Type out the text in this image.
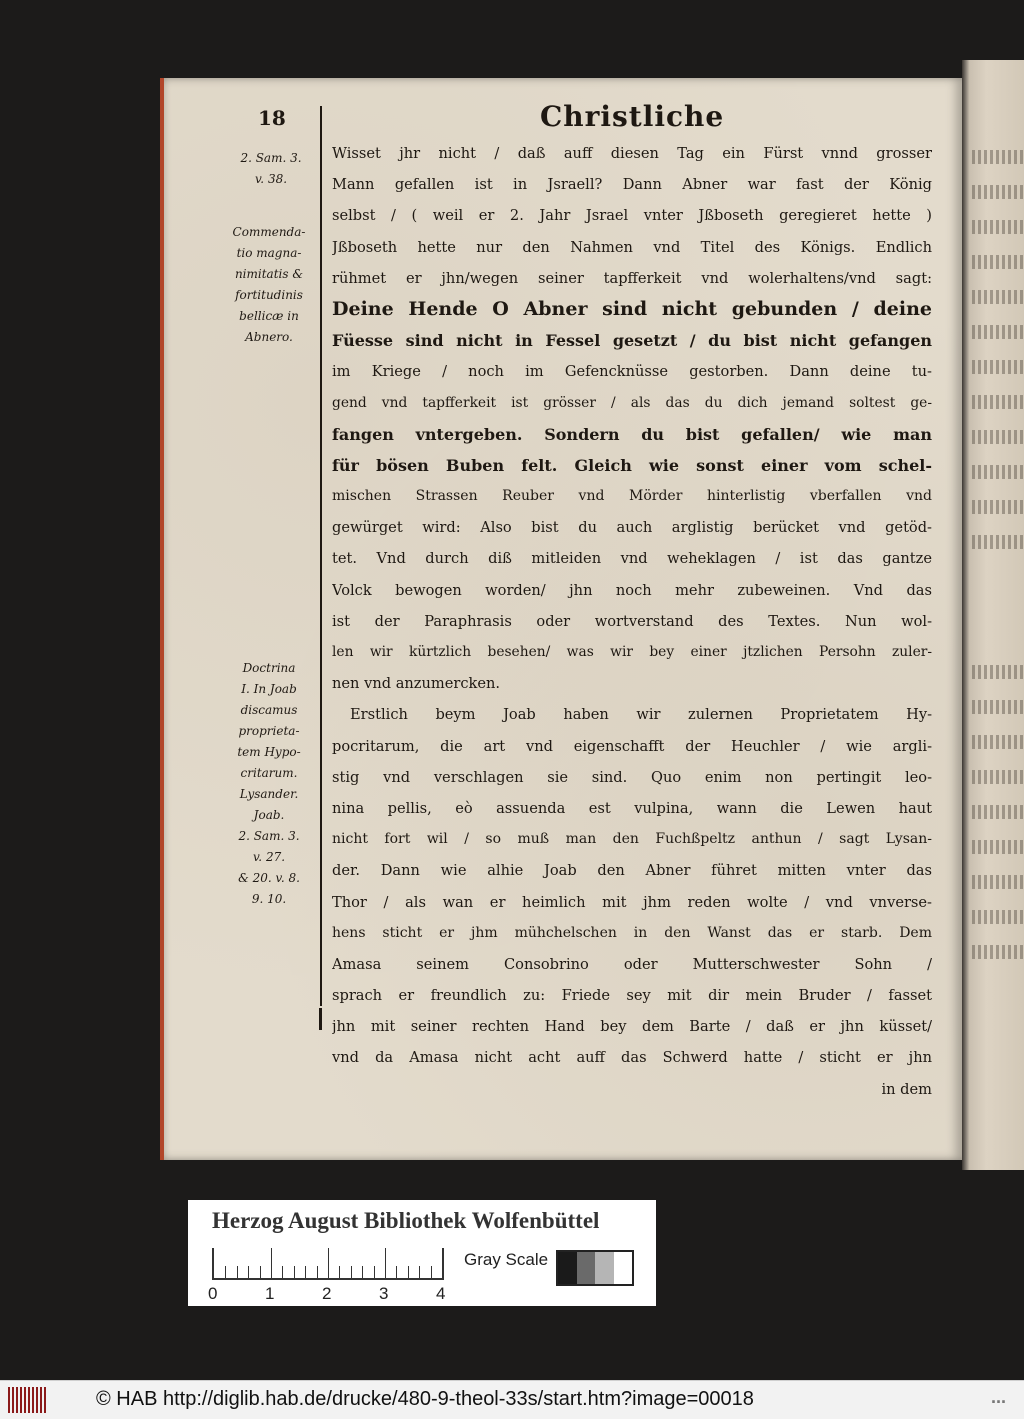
18	Christliche
2. Sam. 3.
v. 38.
Commenda-
tio magna-
nimitatis &
fortitudinis
bellicæ in
Abnero.
Doctrina
I. In Joab
discamus
proprieta-
tem Hypo-
critarum.
Lysander.
Joab.
2. Sam. 3.
v. 27.
& 20. v. 8.
9. 10.
Wisset jhr nicht / daß auff diesen Tag ein Fürst vnnd grosser
Mann gefallen ist in Jsraell? Dann Abner war fast der König
selbst / ( weil er 2. Jahr Jsrael vnter Jßboseth geregieret hette )
Jßboseth hette nur den Nahmen vnd Titel des Königs. Endlich
rühmet er jhn/wegen seiner tapfferkeit vnd wolerhaltens/vnd sagt:
Deine Hende O Abner sind nicht gebunden / deine
Füesse sind nicht in Fessel gesetzt / du bist nicht gefangen
im Kriege / noch im Gefencknüsse gestorben. Dann deine tu-
gend vnd tapfferkeit ist grösser / als das du dich jemand soltest ge-
fangen vntergeben. Sondern du bist gefallen/ wie man
für bösen Buben felt. Gleich wie sonst einer vom schel-
mischen Strassen Reuber vnd Mörder hinterlistig vberfallen vnd
gewürget wird: Also bist du auch arglistig berücket vnd getöd-
tet. Vnd durch diß mitleiden vnd weheklagen / ist das gantze
Volck bewogen worden/ jhn noch mehr zubeweinen. Vnd das
ist der Paraphrasis oder wortverstand des Textes. Nun wol-
len wir kürtzlich besehen/ was wir bey einer jtzlichen Persohn zuler-
nen vnd anzumercken.
Erstlich beym Joab haben wir zulernen Proprietatem Hy-
pocritarum, die art vnd eigenschafft der Heuchler / wie argli-
stig vnd verschlagen sie sind. Quo enim non pertingit leo-
nina pellis, eò assuenda est vulpina, wann die Lewen haut
nicht fort wil / so muß man den Fuchßpeltz anthun / sagt Lysan-
der. Dann wie alhie Joab den Abner führet mitten vnter das
Thor / als wan er heimlich mit jhm reden wolte / vnd vnverse-
hens sticht er jhm mühchelschen in den Wanst das er starb. Dem
Amasa seinem Consobrino oder Mutterschwester Sohn /
sprach er freundlich zu: Friede sey mit dir mein Bruder / fasset
jhn mit seiner rechten Hand bey dem Barte / daß er jhn küsset/
vnd da Amasa nicht acht auff das Schwerd hatte / sticht er jhn
in dem
Herzog August Bibliothek Wolfenbüttel
0	1	2	3	4
Gray Scale
© HAB http://diglib.hab.de/drucke/480-9-theol-33s/start.htm?image=00018	...
